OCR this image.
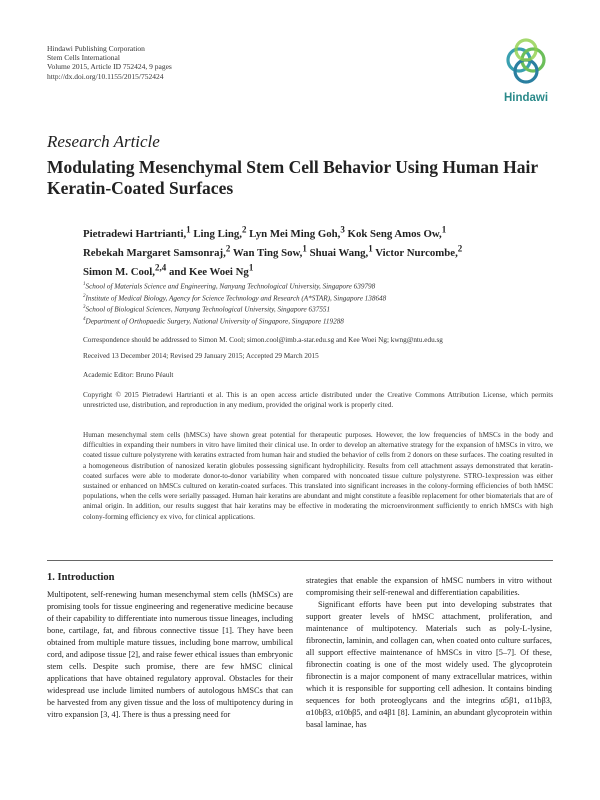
Hindawi Publishing Corporation
Stem Cells International
Volume 2015, Article ID 752424, 9 pages
http://dx.doi.org/10.1155/2015/752424
Hindawi
Research Article
Modulating Mesenchymal Stem Cell Behavior Using Human Hair Keratin-Coated Surfaces
Pietradewi Hartrianti,$^1$ Ling Ling,$^2$ Lyn Mei Ming Goh,$^3$ Kok Seng Amos Ow,$^1$
Rebekah Margaret Samsonraj,$^2$ Wan Ting Sow,$^1$ Shuai Wang,$^1$ Victor Nurcombe,$^2$
Simon M. Cool,$^{2,4}$ and Kee Woei Ng$^1$
$^1$School of Materials Science and Engineering, Nanyang Technological University, Singapore 639798
$^2$Institute of Medical Biology, Agency for Science Technology and Research (A*STAR), Singapore 138648
$^3$School of Biological Sciences, Nanyang Technological University, Singapore 637551
$^4$Department of Orthopaedic Surgery, National University of Singapore, Singapore 119288
Correspondence should be addressed to Simon M. Cool; simon.cool@imb.a-star.edu.sg and Kee Woei Ng; kwng@ntu.edu.sg
Received 13 December 2014; Revised 29 January 2015; Accepted 29 March 2015
Academic Editor: Bruno Péault
Copyright © 2015 Pietradewi Hartrianti et al. This is an open access article distributed under the Creative Commons Attribution License, which permits unrestricted use, distribution, and reproduction in any medium, provided the original work is properly cited.
Human mesenchymal stem cells (hMSCs) have shown great potential for therapeutic purposes. However, the low frequencies of hMSCs in the body and difficulties in expanding their numbers in vitro have limited their clinical use. In order to develop an alternative strategy for the expansion of hMSCs in vitro, we coated tissue culture polystyrene with keratins extracted from human hair and studied the behavior of cells from 2 donors on these surfaces. The coating resulted in a homogeneous distribution of nanosized keratin globules possessing significant hydrophilicity. Results from cell attachment assays demonstrated that keratin-coated surfaces were able to moderate donor-to-donor variability when compared with noncoated tissue culture polystyrene. STRO-1expression was either sustained or enhanced on hMSCs cultured on keratin-coated surfaces. This translated into significant increases in the colony-forming efficiencies of both hMSC populations, when the cells were serially passaged. Human hair keratins are abundant and might constitute a feasible replacement for other biomaterials that are of animal origin. In addition, our results suggest that hair keratins may be effective in moderating the microenvironment sufficiently to enrich hMSCs with high colony-forming efficiency ex vivo, for clinical applications.
1. Introduction

Multipotent, self-renewing human mesenchymal stem cells (hMSCs) are promising tools for tissue engineering and regenerative medicine because of their capability to differentiate into numerous tissue lineages, including bone, cartilage, fat, and fibrous connective tissue [1]. They have been obtained from multiple mature tissues, including bone marrow, umbilical cord, and adipose tissue [2], and raise fewer ethical issues than embryonic stem cells. Despite such promise, there are few hMSC clinical applications that have obtained regulatory approval. Obstacles for their widespread use include limited numbers of autologous hMSCs that can be harvested from any given tissue and the loss of multipotency during in vitro expansion [3, 4]. There is thus a pressing need for

strategies that enable the expansion of hMSC numbers in vitro without compromising their self-renewal and differentiation capabilities.

Significant efforts have been put into developing substrates that support greater levels of hMSC attachment, proliferation, and maintenance of multipotency. Materials such as poly-L-lysine, fibronectin, laminin, and collagen can, when coated onto culture surfaces, all support effective maintenance of hMSCs in vitro [5–7]. Of these, fibronectin coating is one of the most widely used. The glycoprotein fibronectin is a major component of many extracellular matrices, within which it is responsible for supporting cell adhesion. It contains binding sequences for both proteoglycans and the integrins α5β1, α11bβ3, α10bβ3, α10bβ5, and α4β1 [8]. Laminin, an abundant glycoprotein within basal laminae, has
